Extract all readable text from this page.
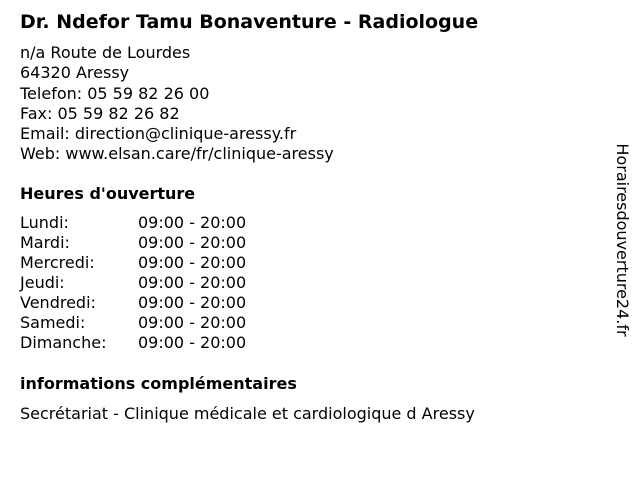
Dr. Ndefor Tamu Bonaventure - Radiologue
n/a Route de Lourdes
64320 Aressy
Telefon: 05 59 82 26 00
Fax: 05 59 82 26 82
Email: direction@clinique-aressy.fr
Web: www.elsan.care/fr/clinique-aressy
Heures d'ouverture
Lundi:	09:00 - 20:00
Mardi:	09:00 - 20:00
Mercredi:	09:00 - 20:00
Jeudi:	09:00 - 20:00
Vendredi:	09:00 - 20:00
Samedi:	09:00 - 20:00
Dimanche:	09:00 - 20:00
informations complémentaires
Secrétariat - Clinique médicale et cardiologique d Aressy
Horairesdouverture24.fr
